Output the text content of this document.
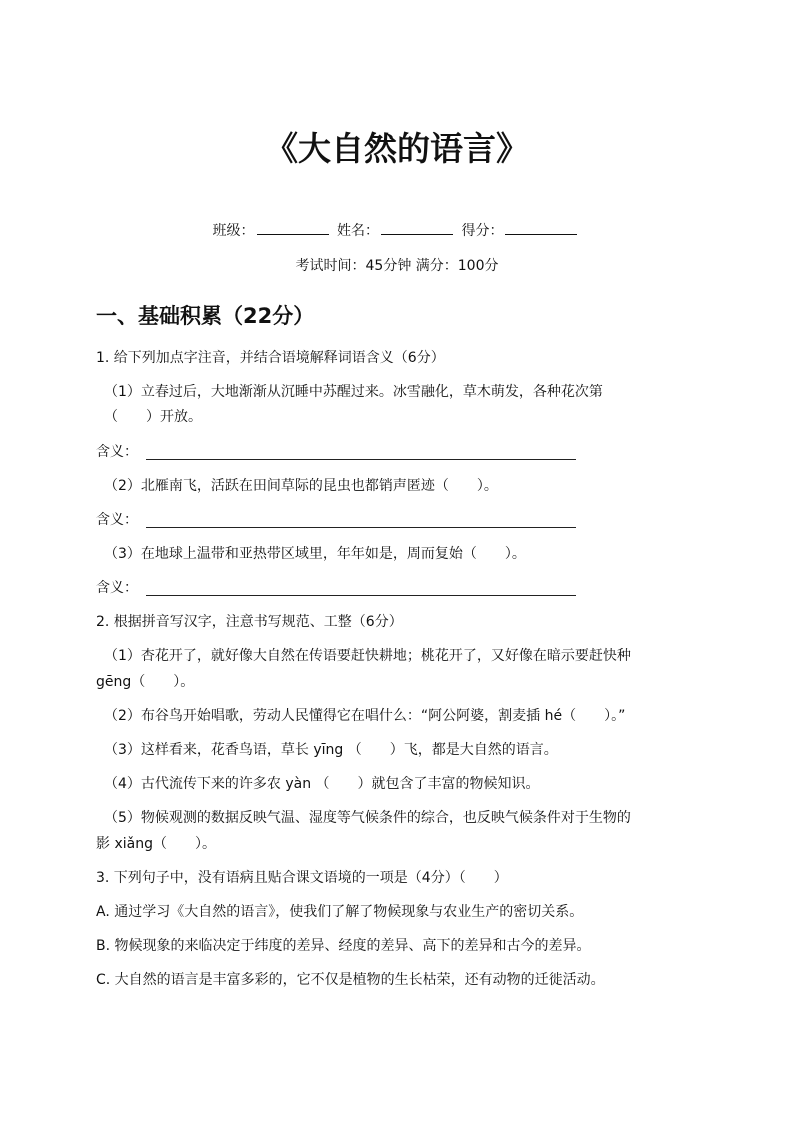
《大自然的语言》
班级：	姓名：	得分：
考试时间：45分钟 满分：100分
一、基础积累（22分）
1. 给下列加点字注音，并结合语境解释词语含义（6分）
（1）立春过后，大地渐渐从沉睡中苏醒过来。冰雪融化，草木萌发，各种花次第
（　　）开放。
含义：
（2）北雁南飞，活跃在田间草际的昆虫也都销声匿迹（　　）。
含义：
（3）在地球上温带和亚热带区域里，年年如是，周而复始（　　）。
含义：
2. 根据拼音写汉字，注意书写规范、工整（6分）
（1）杏花开了，就好像大自然在传语要赶快耕地；桃花开了，又好像在暗示要赶快种
gēng（　　）。
（2）布谷鸟开始唱歌，劳动人民懂得它在唱什么：“阿公阿婆，割麦插 hé（　　）。”
（3）这样看来，花香鸟语，草长 yīng （　　）飞，都是大自然的语言。
（4）古代流传下来的许多农 yàn （　　）就包含了丰富的物候知识。
（5）物候观测的数据反映气温、湿度等气候条件的综合，也反映气候条件对于生物的
影 xiǎng（　　）。
3. 下列句子中，没有语病且贴合课文语境的一项是（4分）（　　）
A. 通过学习《大自然的语言》，使我们了解了物候现象与农业生产的密切关系。
B. 物候现象的来临决定于纬度的差异、经度的差异、高下的差异和古今的差异。
C. 大自然的语言是丰富多彩的，它不仅是植物的生长枯荣，还有动物的迁徙活动。
